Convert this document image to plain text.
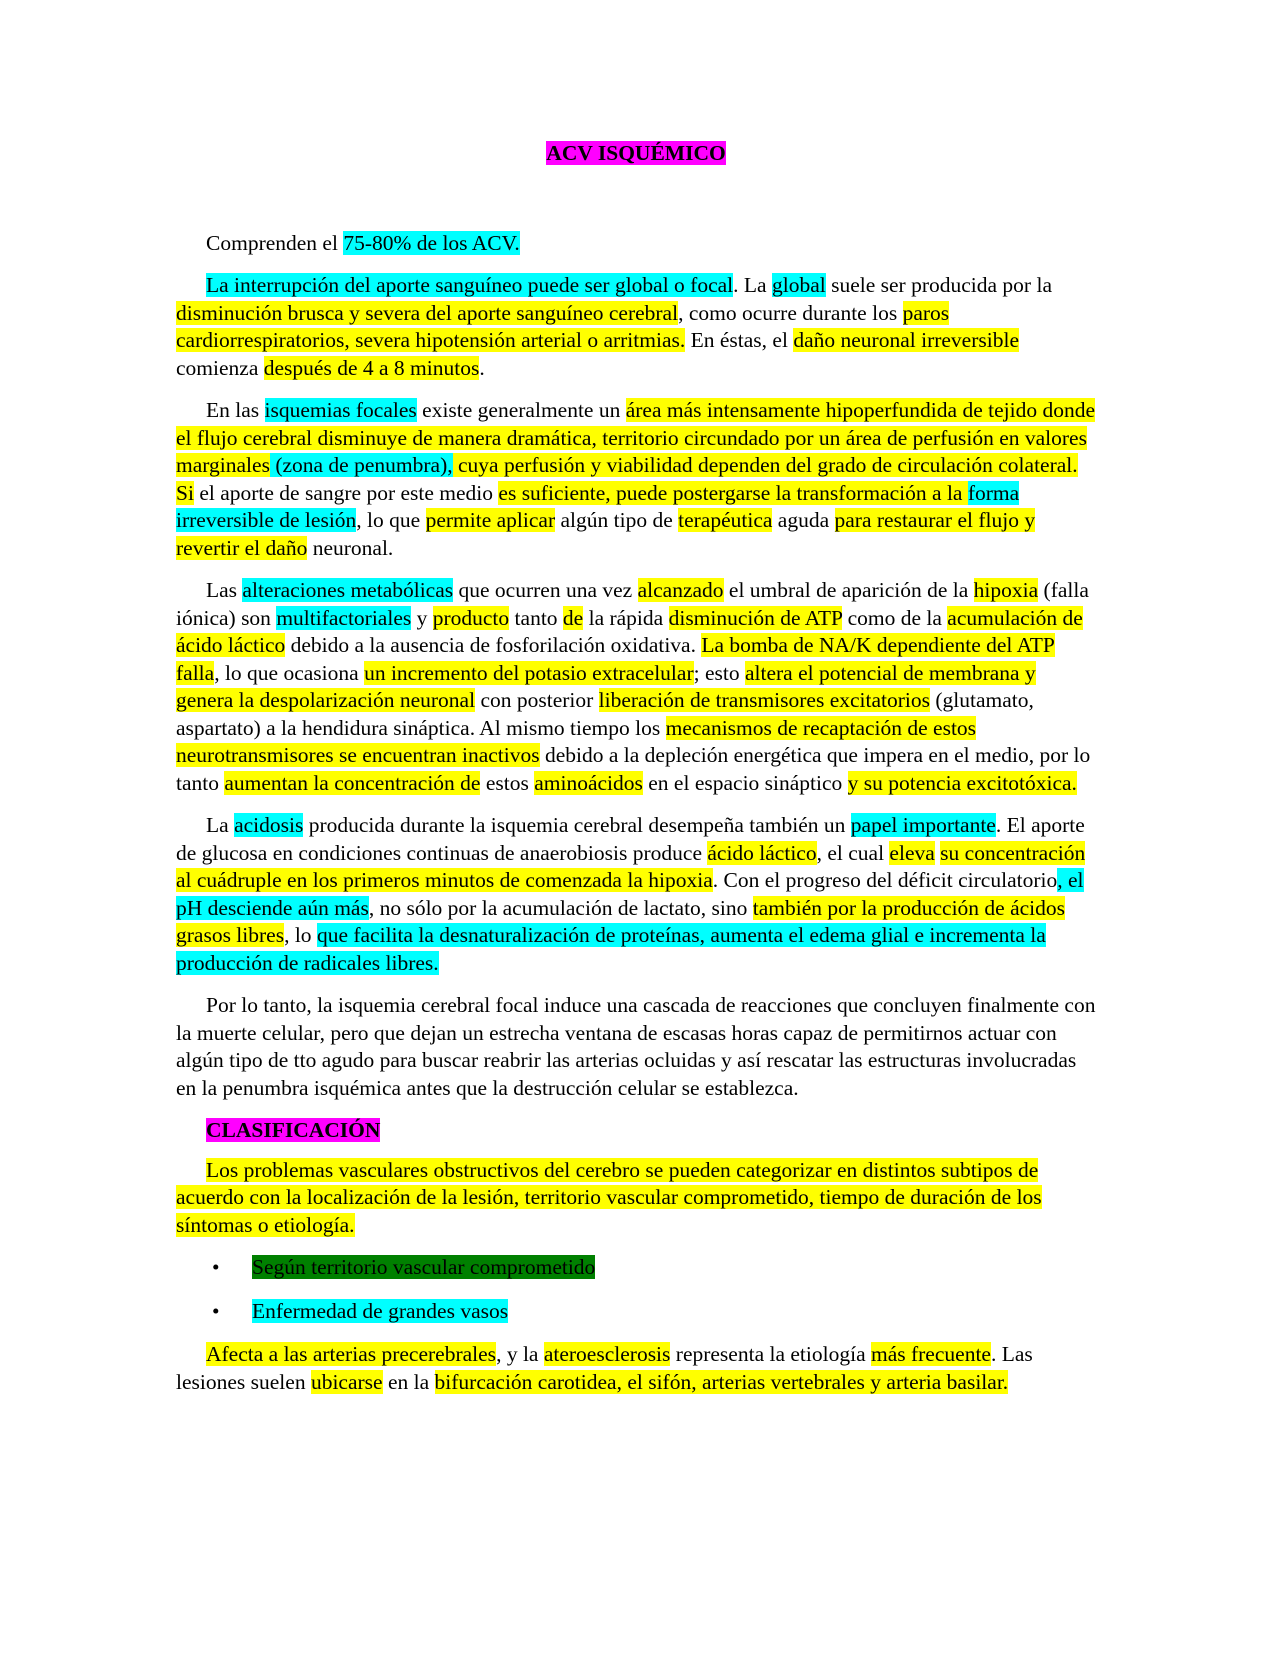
ACV ISQUÉMICO

Comprenden el 75-80% de los ACV.

La interrupción del aporte sanguíneo puede ser global o focal. La global suele ser producida por la disminución brusca y severa del aporte sanguíneo cerebral, como ocurre durante los paros cardiorrespiratorios, severa hipotensión arterial o arritmias. En éstas, el daño neuronal irreversible comienza después de 4 a 8 minutos.

En las isquemias focales existe generalmente un área más intensamente hipoperfundida de tejido donde el flujo cerebral disminuye de manera dramática, territorio circundado por un área de perfusión en valores marginales (zona de penumbra), cuya perfusión y viabilidad dependen del grado de circulación colateral. Si el aporte de sangre por este medio es suficiente, puede postergarse la transformación a la forma irreversible de lesión, lo que permite aplicar algún tipo de terapéutica aguda para restaurar el flujo y revertir el daño neuronal.

Las alteraciones metabólicas que ocurren una vez alcanzado el umbral de aparición de la hipoxia (falla iónica) son multifactoriales y producto tanto de la rápida disminución de ATP como de la acumulación de ácido láctico debido a la ausencia de fosforilación oxidativa. La bomba de NA/K dependiente del ATP falla, lo que ocasiona un incremento del potasio extracelular; esto altera el potencial de membrana y genera la despolarización neuronal con posterior liberación de transmisores excitatorios (glutamato, aspartato) a la hendidura sináptica. Al mismo tiempo los mecanismos de recaptación de estos neurotransmisores se encuentran inactivos debido a la depleción energética que impera en el medio, por lo tanto aumentan la concentración de estos aminoácidos en el espacio sináptico y su potencia excitotóxica.

La acidosis producida durante la isquemia cerebral desempeña también un papel importante. El aporte de glucosa en condiciones continuas de anaerobiosis produce ácido láctico, el cual eleva su concentración al cuádruple en los primeros minutos de comenzada la hipoxia. Con el progreso del déficit circulatorio, el pH desciende aún más, no sólo por la acumulación de lactato, sino también por la producción de ácidos grasos libres, lo que facilita la desnaturalización de proteínas, aumenta el edema glial e incrementa la producción de radicales libres.

Por lo tanto, la isquemia cerebral focal induce una cascada de reacciones que concluyen finalmente con la muerte celular, pero que dejan un estrecha ventana de escasas horas capaz de permitirnos actuar con algún tipo de tto agudo para buscar reabrir las arterias ocluidas y así rescatar las estructuras involucradas en la penumbra isquémica antes que la destrucción celular se establezca.

CLASIFICACIÓN

Los problemas vasculares obstructivos del cerebro se pueden categorizar en distintos subtipos de acuerdo con la localización de la lesión, territorio vascular comprometido, tiempo de duración de los síntomas o etiología.

• Según territorio vascular comprometido
• Enfermedad de grandes vasos

Afecta a las arterias precerebrales, y la ateroesclerosis representa la etiología más frecuente. Las lesiones suelen ubicarse en la bifurcación carotidea, el sifón, arterias vertebrales y arteria basilar.
